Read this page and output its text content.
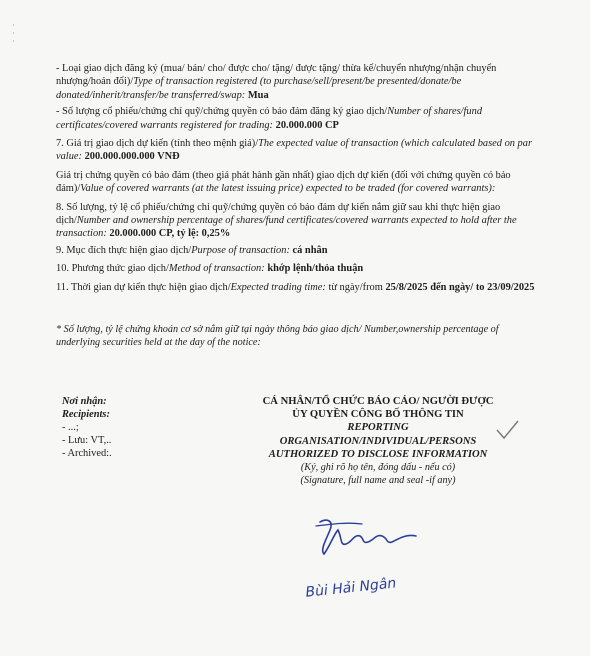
·
·
·

- Loại giao dịch đăng ký (mua/ bán/ cho/ được cho/ tặng/ được tặng/ thừa kế/chuyển nhượng/nhận chuyển nhượng/hoán đổi)/Type of transaction registered (to purchase/sell/present/be presented/donate/be donated/inherit/transfer/be transferred/swap: Mua

- Số lượng cổ phiếu/chứng chỉ quỹ/chứng quyền có bảo đảm đăng ký giao dịch/Number of shares/fund certificates/covered warrants registered for trading: 20.000.000 CP

7. Giá trị giao dịch dự kiến (tính theo mệnh giá)/The expected value of transaction (which calculated based on par value: 200.000.000.000 VNĐ

Giá trị chứng quyền có bảo đảm (theo giá phát hành gần nhất) giao dịch dự kiến (đối với chứng quyền có bảo đảm)/Value of covered warrants (at the latest issuing price) expected to be traded (for covered warrants):

8. Số lượng, tỷ lệ cổ phiếu/chứng chỉ quỹ/chứng quyền có bảo đảm dự kiến nắm giữ sau khi thực hiện giao dịch/Number and ownership percentage of shares/fund certificates/covered warrants expected to hold after the transaction: 20.000.000 CP, tỷ lệ: 0,25%

9. Mục đích thực hiện giao dịch/Purpose of transaction: cá nhân

10. Phương thức giao dịch/Method of transaction: khớp lệnh/thỏa thuận

11. Thời gian dự kiến thực hiện giao dịch/Expected trading time: từ ngày/from 25/8/2025 đến ngày/ to 23/09/2025

* Số lượng, tỷ lệ chứng khoán cơ sở nắm giữ tại ngày thông báo giao dịch/ Number,ownership percentage of underlying securities held at the day of the notice:
Nơi nhận:
Recipients:
- ...;
- Lưu: VT,..
- Archived:.
CÁ NHÂN/TỔ CHỨC BÁO CÁO/ NGƯỜI ĐƯỢC
ỦY QUYỀN CÔNG BỐ THÔNG TIN
REPORTING
ORGANISATION/INDIVIDUAL/PERSONS
AUTHORIZED TO DISCLOSE INFORMATION
(Ký, ghi rõ họ tên, đóng dấu - nếu có)
(Signature, full name and seal -if any)
Bùi Hải Ngân
